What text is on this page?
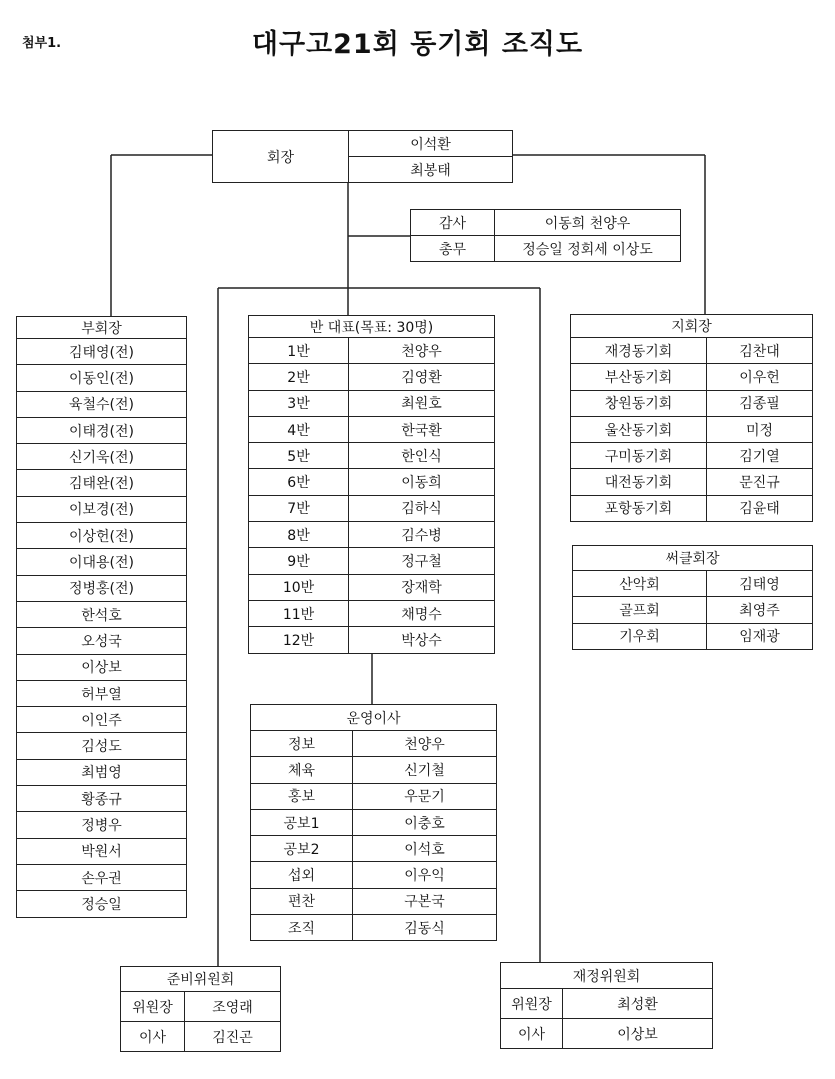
첨부1.	대구고21회 동기회 조직도
회장	이석환
최봉태
감사	이동희 천양우
총무	정승일 정회세 이상도
부회장
김태영(전)
이동인(전)
육철수(전)
이태경(전)
신기욱(전)
김태완(전)
이보경(전)
이상헌(전)
이대용(전)
정병홍(전)
한석호
오성국
이상보
허부열
이인주
김성도
최범영
황종규
정병우
박원서
손우권
정승일
반 대표(목표: 30명)	
1반	천양우
2반	김영환
3반	최원호
4반	한국환
5반	한인식
6반	이동희
7반	김하식
8반	김수병
9반	정구철
10반	장재학
11반	채명수
12반	박상수
지회장	
재경동기회	김찬대
부산동기회	이우헌
창원동기회	김종필
울산동기회	미정
구미동기회	김기열
대전동기회	문진규
포항동기회	김윤태
써클회장	
산악회	김태영
골프회	최영주
기우회	임재광
운영이사	
정보	천양우
체육	신기철
홍보	우문기
공보1	이충호
공보2	이석호
섭외	이우익
편찬	구본국
조직	김동식
준비위원회	
위원장	조영래
이사	김진곤
재정위원회	
위원장	최성환
이사	이상보
